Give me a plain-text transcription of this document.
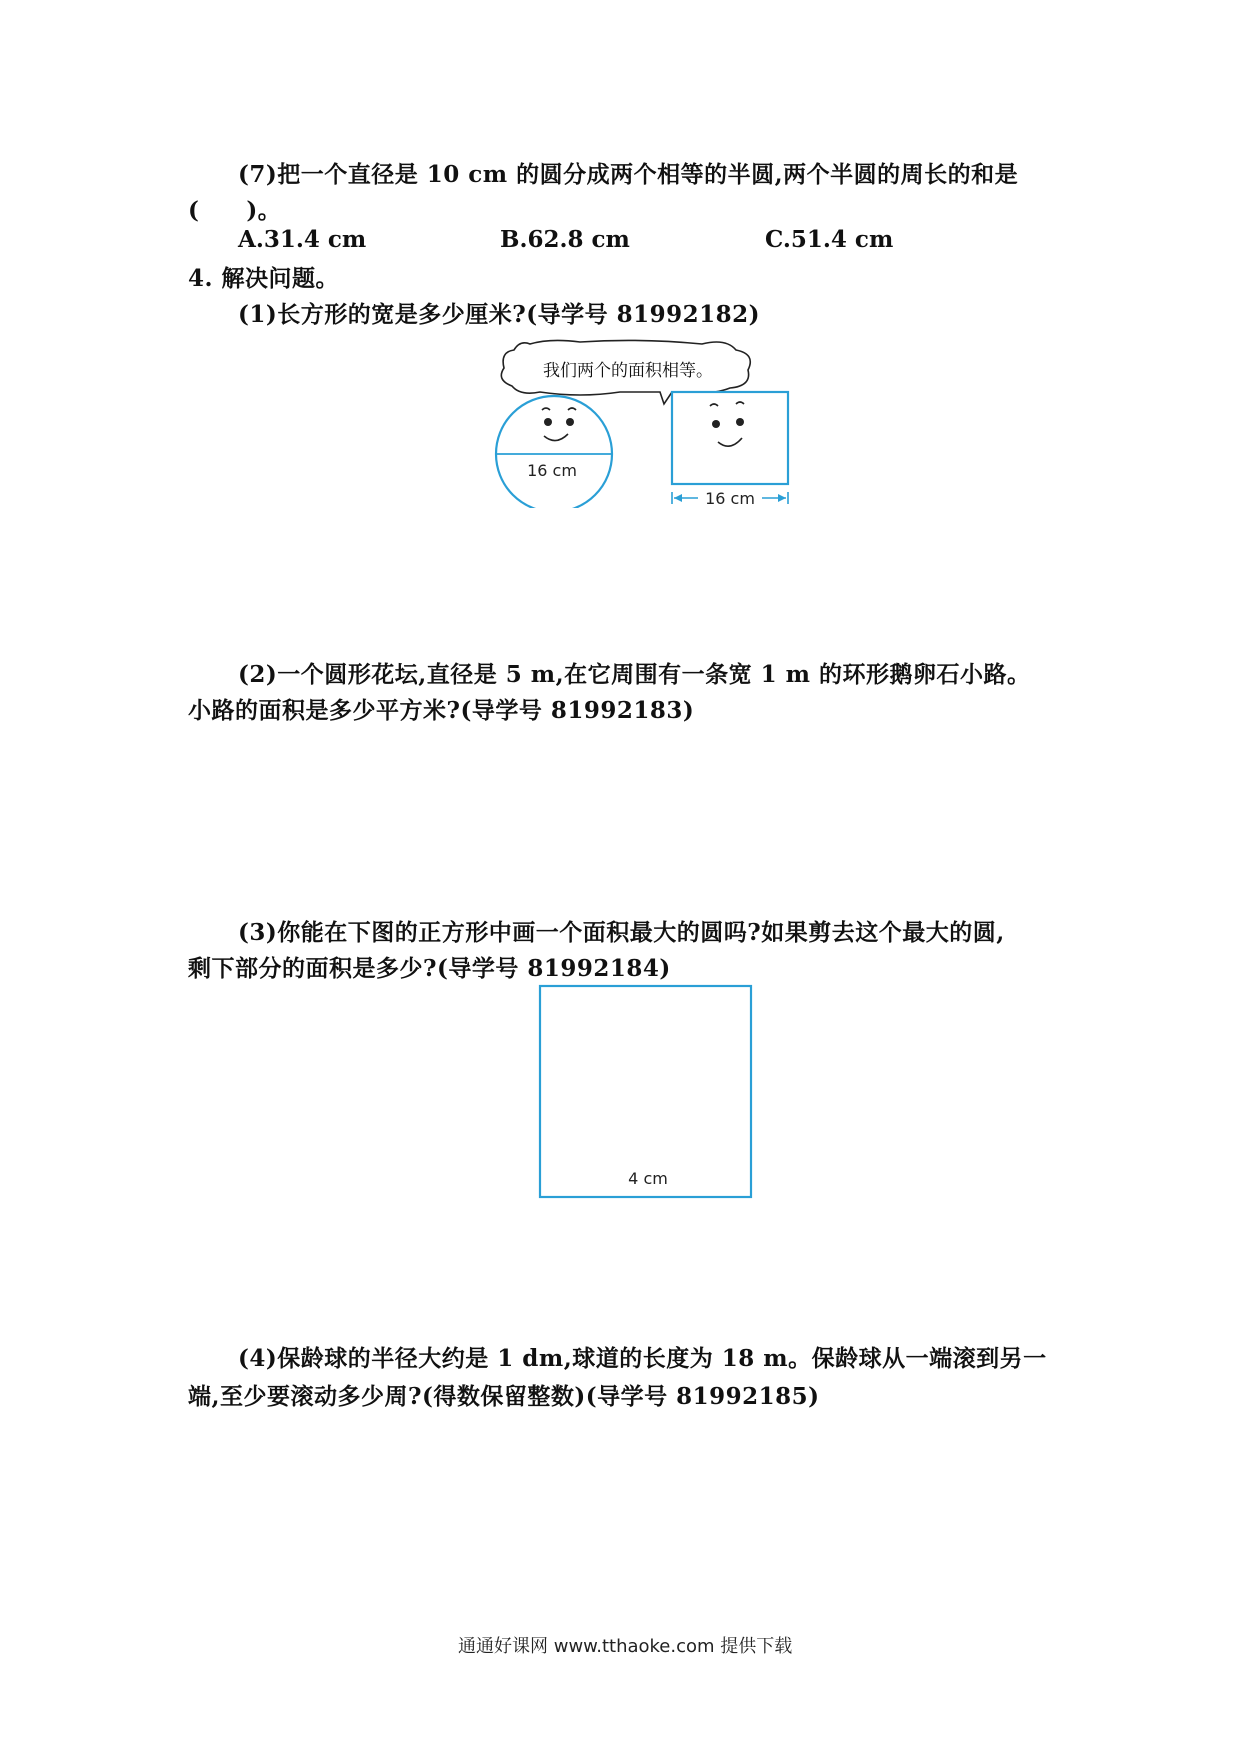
(7)把一个直径是 10 cm 的圆分成两个相等的半圆,两个半圆的周长的和是
(　　)。
A.31.4 cm	B.62.8 cm	C.51.4 cm
4. 解决问题。
(1)长方形的宽是多少厘米?(导学号 81992182)
我们两个的面积相等。
16 cm
16 cm
(2)一个圆形花坛,直径是 5 m,在它周围有一条宽 1 m 的环形鹅卵石小路。
小路的面积是多少平方米?(导学号 81992183)
(3)你能在下图的正方形中画一个面积最大的圆吗?如果剪去这个最大的圆,
剩下部分的面积是多少?(导学号 81992184)
4 cm
(4)保龄球的半径大约是 1 dm,球道的长度为 18 m。保龄球从一端滚到另一
端,至少要滚动多少周?(得数保留整数)(导学号 81992185)
通通好课网 www.tthaoke.com 提供下载
